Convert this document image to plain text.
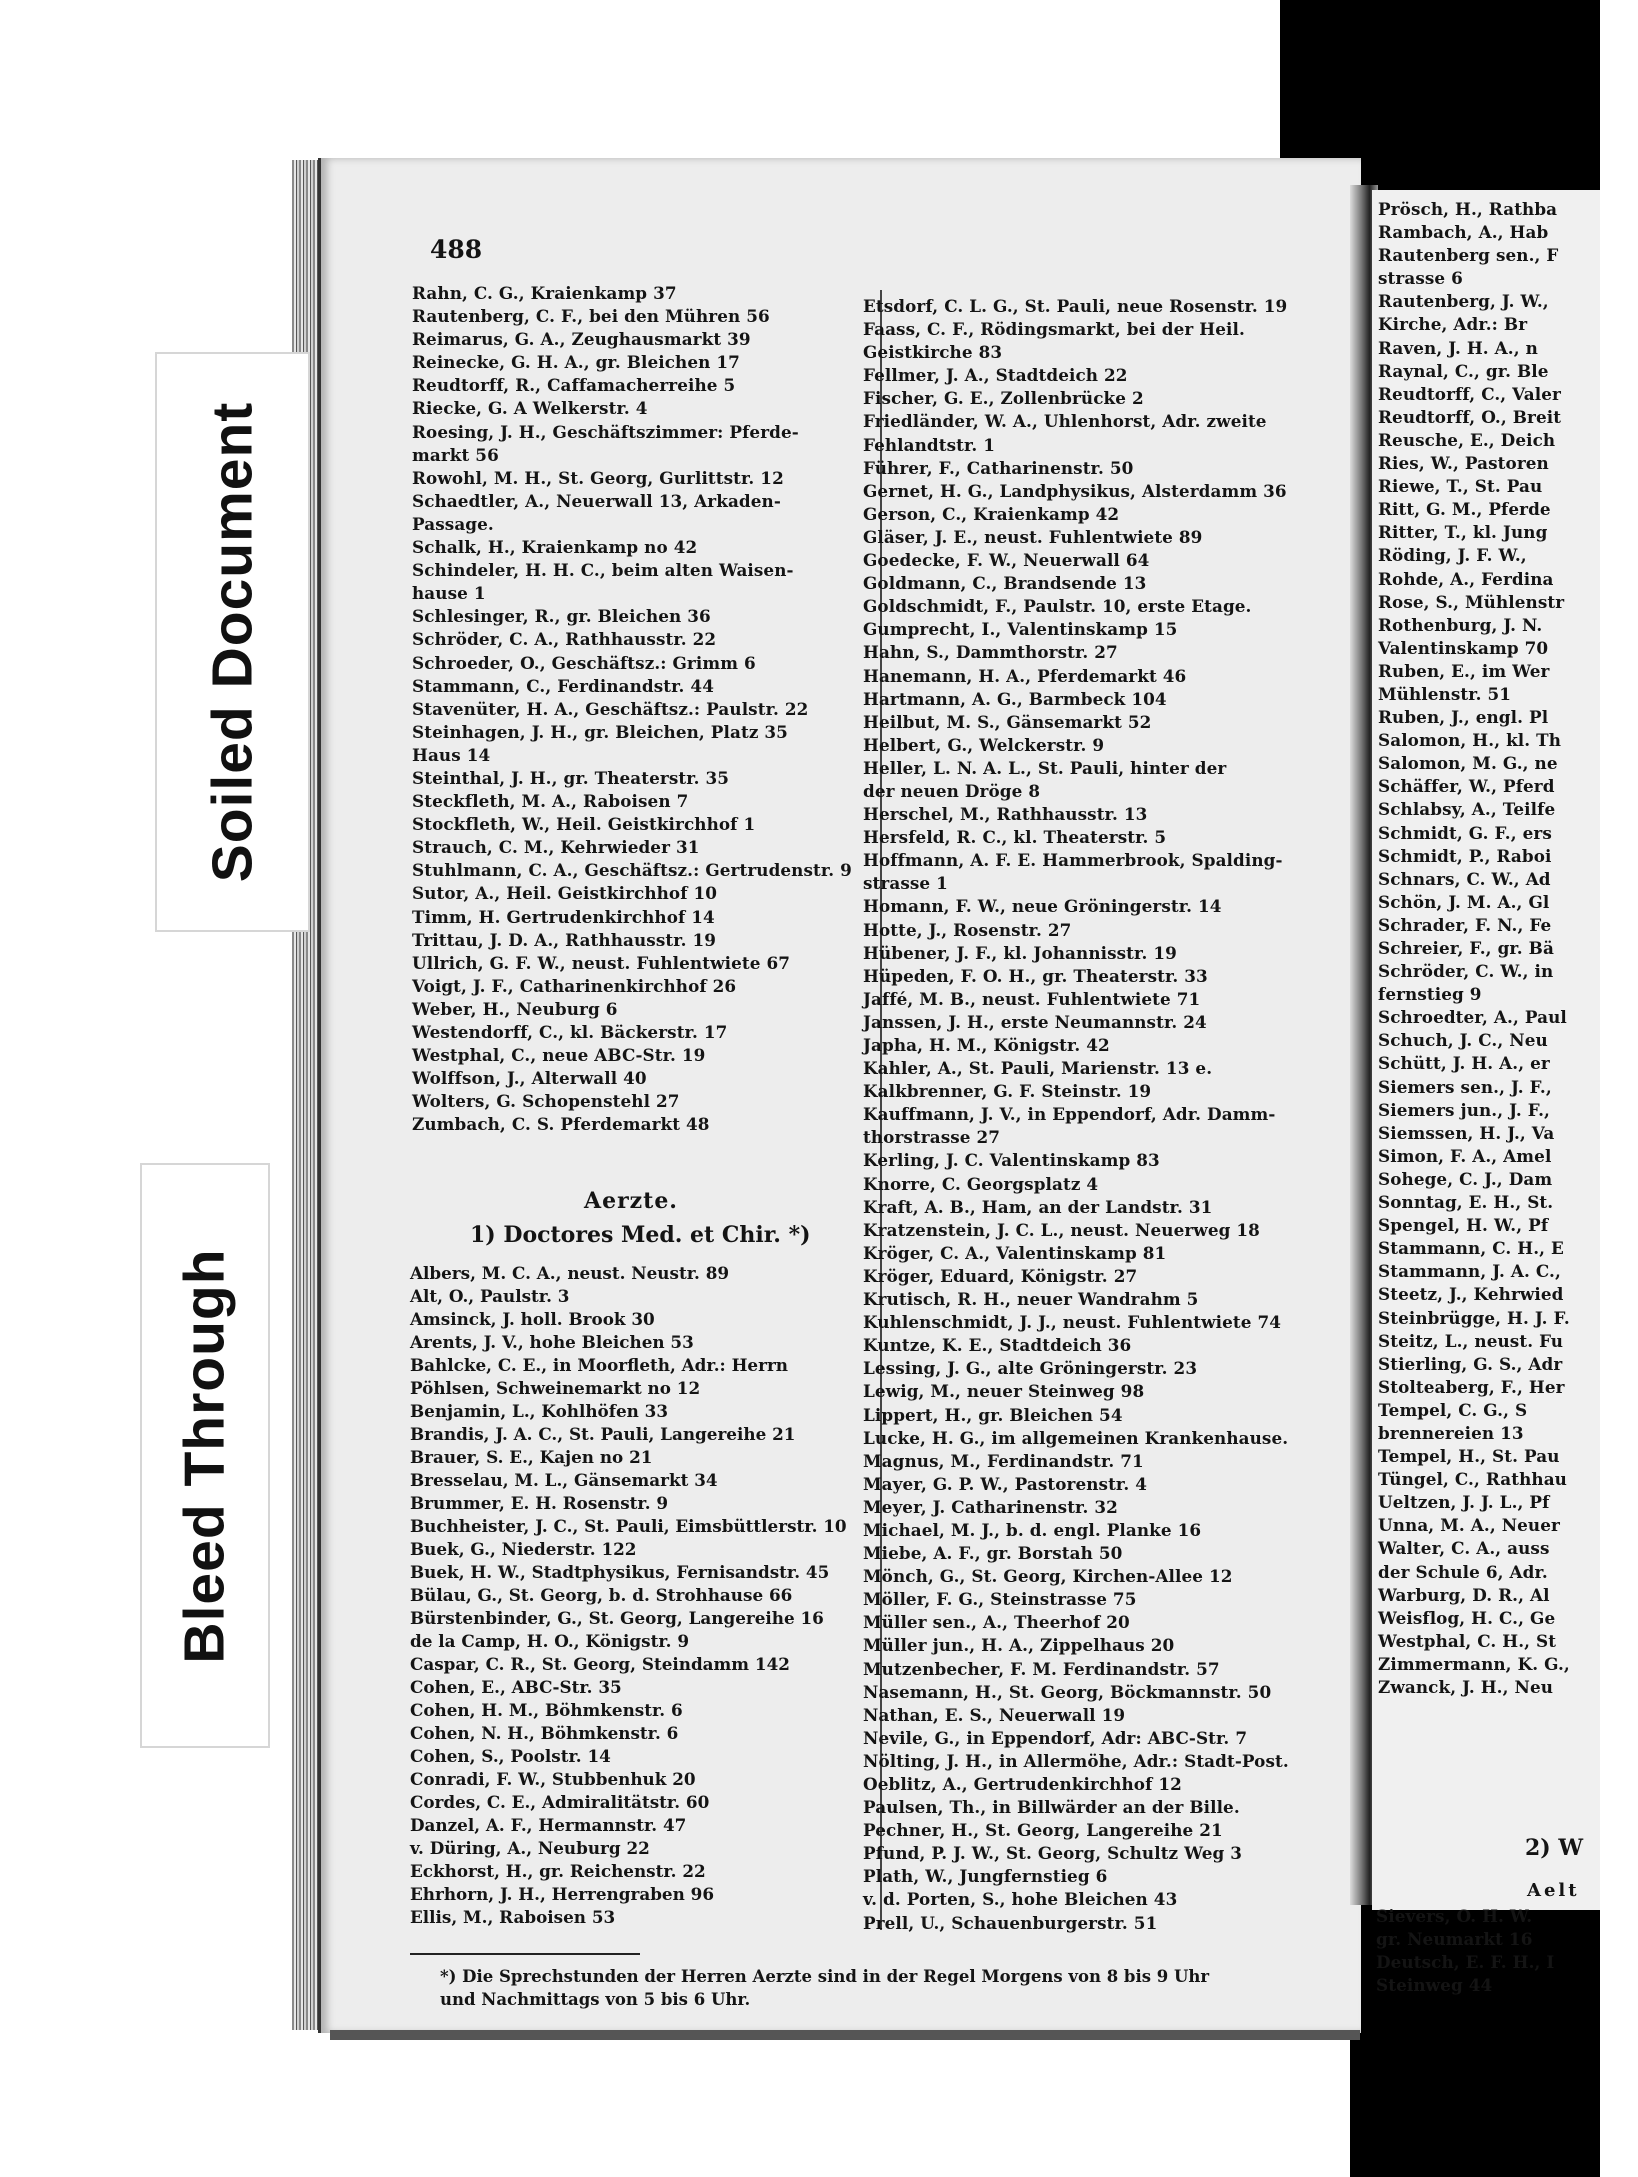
Prösch, H., Rathba
Rambach, A., Hab
Rautenberg sen., F
strasse 6
Rautenberg, J. W.,
Kirche, Adr.: Br
Raven, J. H. A., n
Raynal, C., gr. Ble
Reudtorff, C., Valer
Reudtorff, O., Breit
Reusche, E., Deich
Ries, W., Pastoren
Riewe, T., St. Pau
Ritt, G. M., Pferde
Ritter, T., kl. Jung
Röding, J. F. W.,
Rohde, A., Ferdina
Rose, S., Mühlenstr
Rothenburg, J. N.
Valentinskamp 70
Ruben, E., im Wer
Mühlenstr. 51
Ruben, J., engl. Pl
Salomon, H., kl. Th
Salomon, M. G., ne
Schäffer, W., Pferd
Schlabsy, A., Teilfe
Schmidt, G. F., ers
Schmidt, P., Raboi
Schnars, C. W., Ad
Schön, J. M. A., Gl
Schrader, F. N., Fe
Schreier, F., gr. Bä
Schröder, C. W., in
fernstieg 9
Schroedter, A., Paul
Schuch, J. C., Neu
Schütt, J. H. A., er
Siemers sen., J. F.,
Siemers jun., J. F.,
Siemssen, H. J., Va
Simon, F. A., Amel
Sohege, C. J., Dam
Sonntag, E. H., St.
Spengel, H. W., Pf
Stammann, C. H., E
Stammann, J. A. C.,
Steetz, J., Kehrwied
Steinbrügge, H. J. F.
Steitz, L., neust. Fu
Stierling, G. S., Adr
Stolteaberg, F., Her
Tempel, C. G., S
brennereien 13
Tempel, H., St. Pau
Tüngel, C., Rathhau
Ueltzen, J. J. L., Pf
Unna, M. A., Neuer
Walter, C. A., auss
der Schule 6, Adr.
Warburg, D. R., Al
Weisflog, H. C., Ge
Westphal, C. H., St
Zimmermann, K. G.,
Zwanck, J. H., Neu
2) W
Aelt
Sievers, O. H. W.
gr. Neumarkt 16
Deutsch, E. F. H., I
Steinweg 44
488
Rahn, C. G., Kraienkamp 37
Rautenberg, C. F., bei den Mühren 56
Reimarus, G. A., Zeughausmarkt 39
Reinecke, G. H. A., gr. Bleichen 17
Reudtorff, R., Caffamacherreihe 5
Riecke, G. A Welkerstr. 4
Roesing, J. H., Geschäftszimmer: Pferde-
markt 56
Rowohl, M. H., St. Georg, Gurlittstr. 12
Schaedtler, A., Neuerwall 13, Arkaden-
Passage.
Schalk, H., Kraienkamp no 42
Schindeler, H. H. C., beim alten Waisen-
hause 1
Schlesinger, R., gr. Bleichen 36
Schröder, C. A., Rathhausstr. 22
Schroeder, O., Geschäftsz.: Grimm 6
Stammann, C., Ferdinandstr. 44
Stavenüter, H. A., Geschäftsz.: Paulstr. 22
Steinhagen, J. H., gr. Bleichen, Platz 35
Haus 14
Steinthal, J. H., gr. Theaterstr. 35
Steckfleth, M. A., Raboisen 7
Stockfleth, W., Heil. Geistkirchhof 1
Strauch, C. M., Kehrwieder 31
Stuhlmann, C. A., Geschäftsz.: Gertrudenstr. 9
Sutor, A., Heil. Geistkirchhof 10
Timm, H. Gertrudenkirchhof 14
Trittau, J. D. A., Rathhausstr. 19
Ullrich, G. F. W., neust. Fuhlentwiete 67
Voigt, J. F., Catharinenkirchhof 26
Weber, H., Neuburg 6
Westendorff, C., kl. Bäckerstr. 17
Westphal, C., neue ABC-Str. 19
Wolffson, J., Alterwall 40
Wolters, G. Schopenstehl 27
Zumbach, C. S. Pferdemarkt 48
Aerzte.
1) Doctores Med. et Chir. *)
Albers, M. C. A., neust. Neustr. 89
Alt, O., Paulstr. 3
Amsinck, J. holl. Brook 30
Arents, J. V., hohe Bleichen 53
Bahlcke, C. E., in Moorfleth, Adr.: Herrn
Pöhlsen, Schweinemarkt no 12
Benjamin, L., Kohlhöfen 33
Brandis, J. A. C., St. Pauli, Langereihe 21
Brauer, S. E., Kajen no 21
Bresselau, M. L., Gänsemarkt 34
Brummer, E. H. Rosenstr. 9
Buchheister, J. C., St. Pauli, Eimsbüttlerstr. 10
Buek, G., Niederstr. 122
Buek, H. W., Stadtphysikus, Fernisandstr. 45
Bülau, G., St. Georg, b. d. Strohhause 66
Bürstenbinder, G., St. Georg, Langereihe 16
de la Camp, H. O., Königstr. 9
Caspar, C. R., St. Georg, Steindamm 142
Cohen, E., ABC-Str. 35
Cohen, H. M., Böhmkenstr. 6
Cohen, N. H., Böhmkenstr. 6
Cohen, S., Poolstr. 14
Conradi, F. W., Stubbenhuk 20
Cordes, C. E., Admiralitätstr. 60
Danzel, A. F., Hermannstr. 47
v. Düring, A., Neuburg 22
Eckhorst, H., gr. Reichenstr. 22
Ehrhorn, J. H., Herrengraben 96
Ellis, M., Raboisen 53
Etsdorf, C. L. G., St. Pauli, neue Rosenstr. 19
Faass, C. F., Rödingsmarkt, bei der Heil.
Geistkirche 83
Fellmer, J. A., Stadtdeich 22
Fischer, G. E., Zollenbrücke 2
Friedländer, W. A., Uhlenhorst, Adr. zweite
Fehlandtstr. 1
Führer, F., Catharinenstr. 50
Gernet, H. G., Landphysikus, Alsterdamm 36
Gerson, C., Kraienkamp 42
Gläser, J. E., neust. Fuhlentwiete 89
Goedecke, F. W., Neuerwall 64
Goldmann, C., Brandsende 13
Goldschmidt, F., Paulstr. 10, erste Etage.
Gumprecht, I., Valentinskamp 15
Hahn, S., Dammthorstr. 27
Hanemann, H. A., Pferdemarkt 46
Hartmann, A. G., Barmbeck 104
Heilbut, M. S., Gänsemarkt 52
Helbert, G., Welckerstr. 9
Heller, L. N. A. L., St. Pauli, hinter der
der neuen Dröge 8
Herschel, M., Rathhausstr. 13
Hersfeld, R. C., kl. Theaterstr. 5
Hoffmann, A. F. E. Hammerbrook, Spalding-
strasse 1
Homann, F. W., neue Gröningerstr. 14
Hotte, J., Rosenstr. 27
Hübener, J. F., kl. Johannisstr. 19
Hüpeden, F. O. H., gr. Theaterstr. 33
Jaffé, M. B., neust. Fuhlentwiete 71
Janssen, J. H., erste Neumannstr. 24
Japha, H. M., Königstr. 42
Kahler, A., St. Pauli, Marienstr. 13 e.
Kalkbrenner, G. F. Steinstr. 19
Kauffmann, J. V., in Eppendorf, Adr. Damm-
thorstrasse 27
Kerling, J. C. Valentinskamp 83
Knorre, C. Georgsplatz 4
Kraft, A. B., Ham, an der Landstr. 31
Kratzenstein, J. C. L., neust. Neuerweg 18
Kröger, C. A., Valentinskamp 81
Kröger, Eduard, Königstr. 27
Krutisch, R. H., neuer Wandrahm 5
Kuhlenschmidt, J. J., neust. Fuhlentwiete 74
Kuntze, K. E., Stadtdeich 36
Lessing, J. G., alte Gröningerstr. 23
Lewig, M., neuer Steinweg 98
Lippert, H., gr. Bleichen 54
Lucke, H. G., im allgemeinen Krankenhause.
Magnus, M., Ferdinandstr. 71
Mayer, G. P. W., Pastorenstr. 4
Meyer, J. Catharinenstr. 32
Michael, M. J., b. d. engl. Planke 16
Miebe, A. F., gr. Borstah 50
Mönch, G., St. Georg, Kirchen-Allee 12
Möller, F. G., Steinstrasse 75
Müller sen., A., Theerhof 20
Müller jun., H. A., Zippelhaus 20
Mutzenbecher, F. M. Ferdinandstr. 57
Nasemann, H., St. Georg, Böckmannstr. 50
Nathan, E. S., Neuerwall 19
Nevile, G., in Eppendorf, Adr: ABC-Str. 7
Nölting, J. H., in Allermöhe, Adr.: Stadt-Post.
Oeblitz, A., Gertrudenkirchhof 12
Paulsen, Th., in Billwärder an der Bille.
Pechner, H., St. Georg, Langereihe 21
Pfund, P. J. W., St. Georg, Schultz Weg 3
Plath, W., Jungfernstieg 6
v. d. Porten, S., hohe Bleichen 43
Prell, U., Schauenburgerstr. 51
*) Die Sprechstunden der Herren Aerzte sind in der Regel Morgens von 8 bis 9 Uhr
und Nachmittags von 5 bis 6 Uhr.
Soiled Document
Bleed Through
